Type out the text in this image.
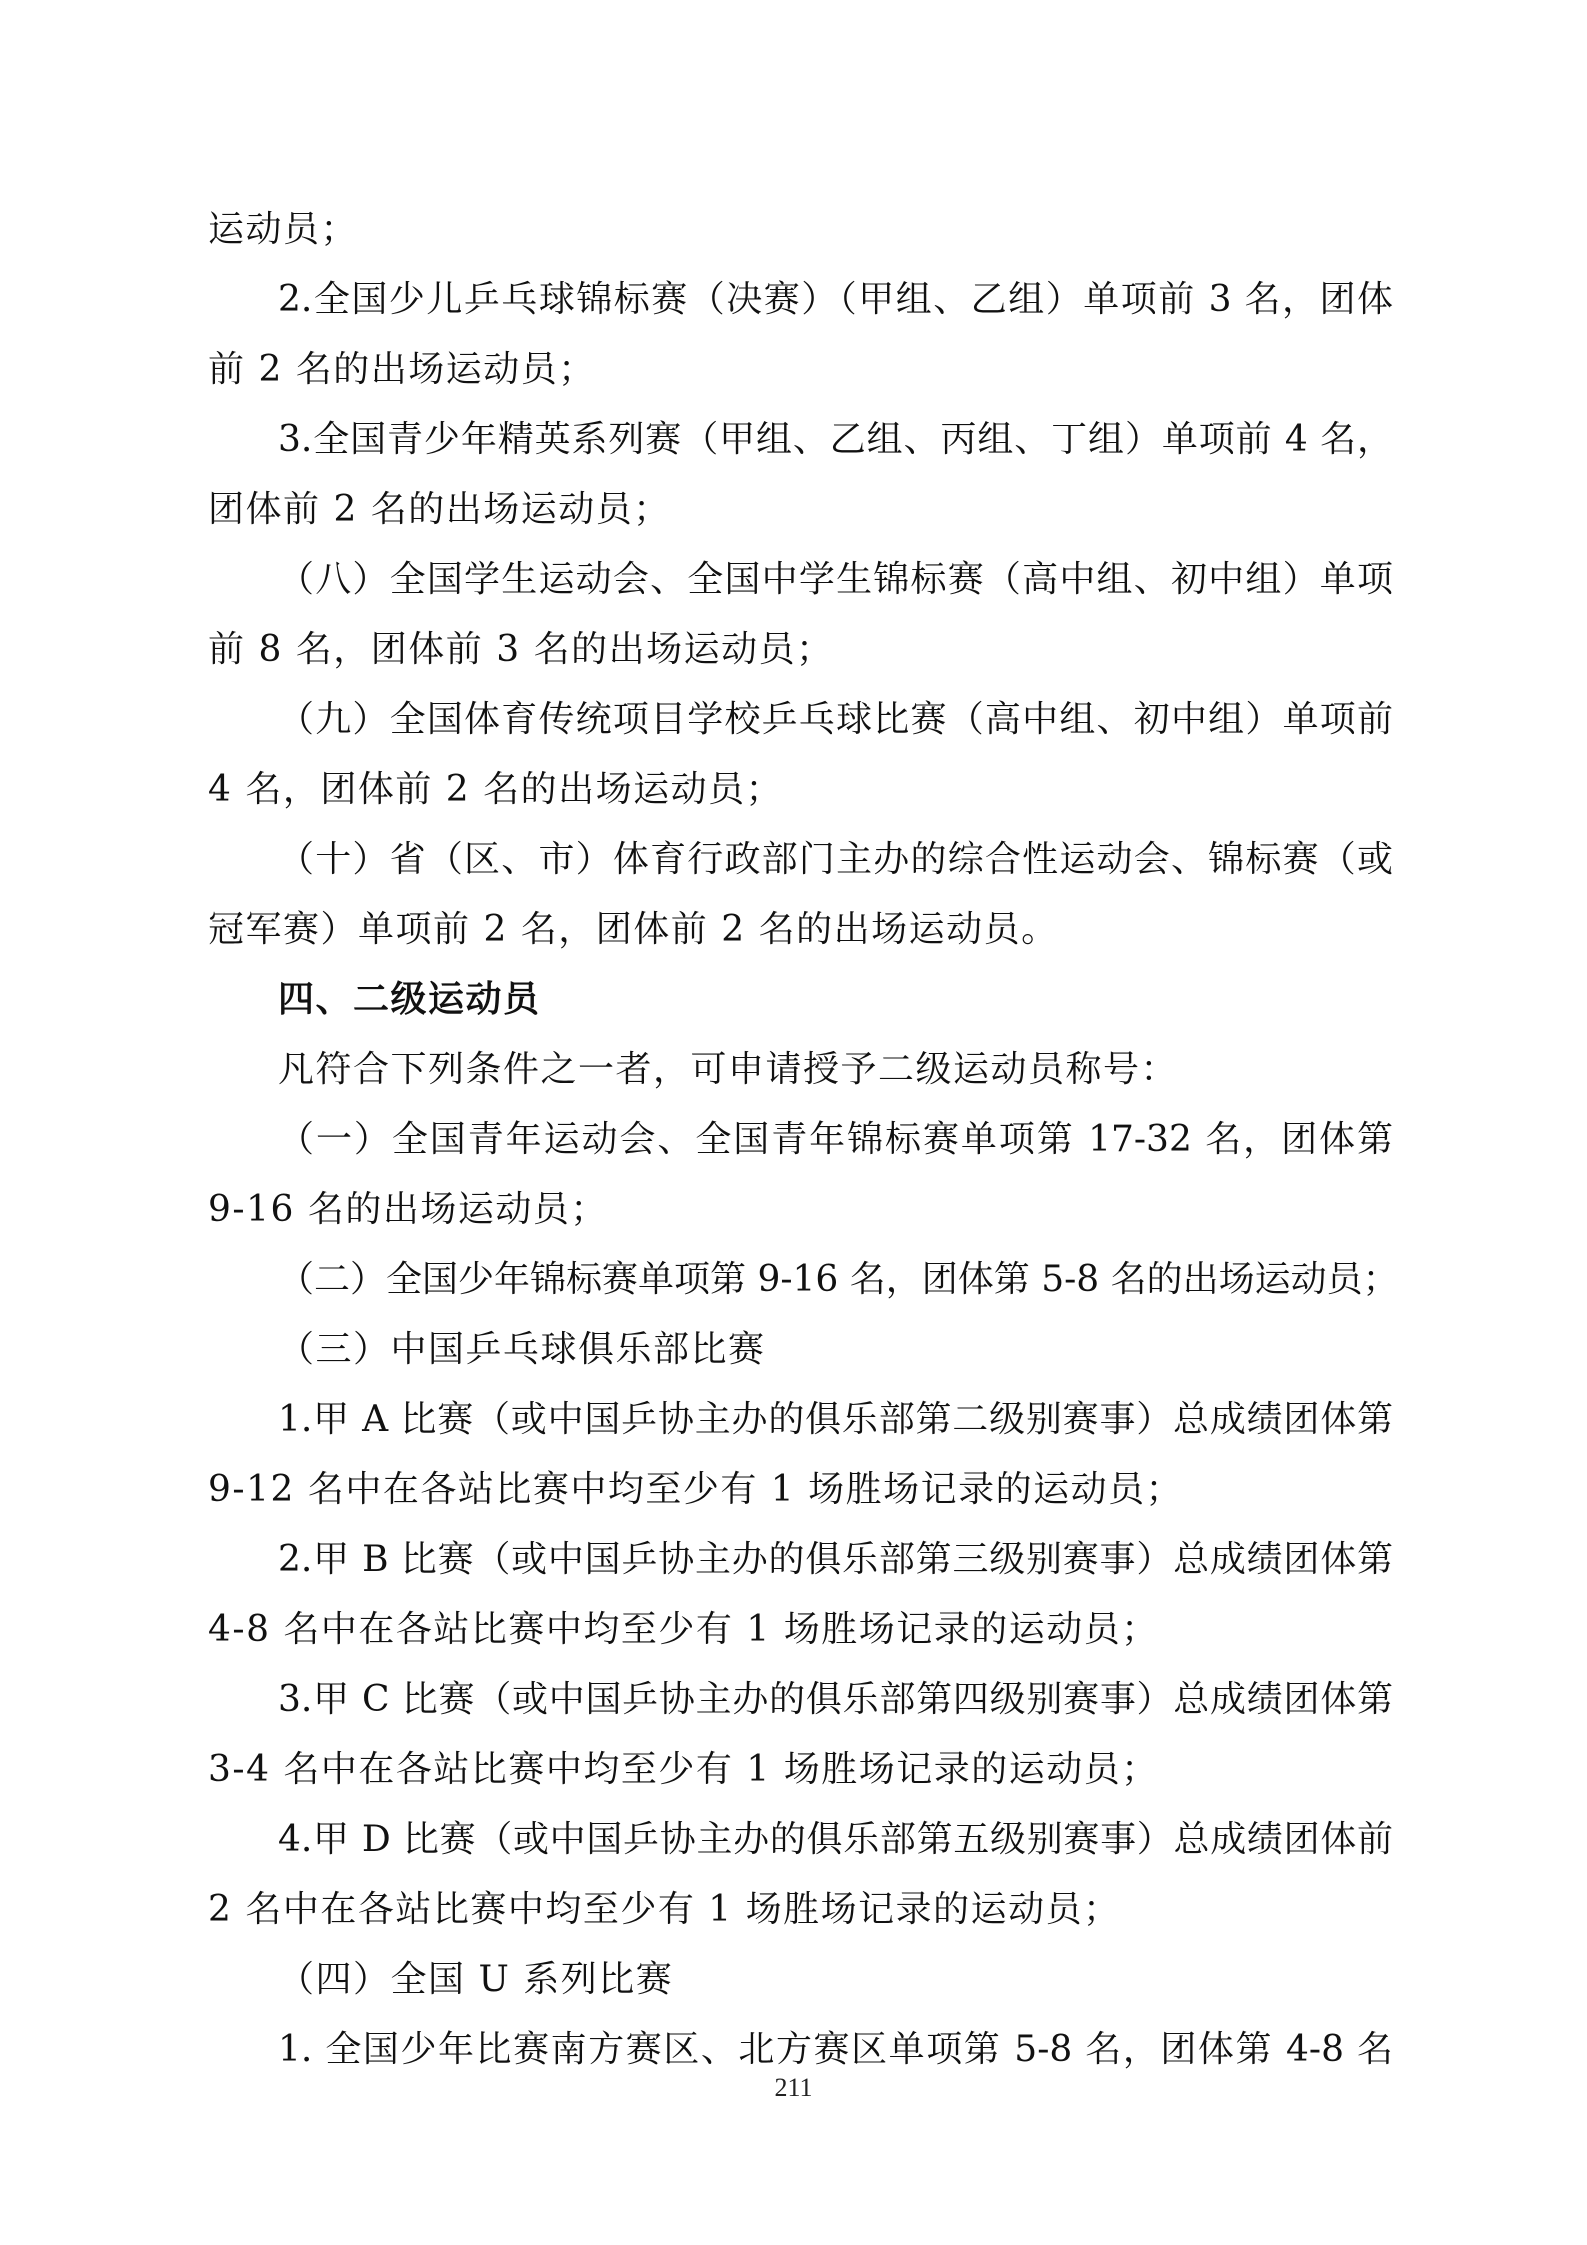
运动员；
2.全国少儿乒乓球锦标赛（决赛）（甲组、乙组）单项前 3 名，团体
前 2 名的出场运动员；
3.全国青少年精英系列赛（甲组、乙组、丙组、丁组）单项前 4 名，
团体前 2 名的出场运动员；
（八）全国学生运动会、全国中学生锦标赛（高中组、初中组）单项
前 8 名，团体前 3 名的出场运动员；
（九）全国体育传统项目学校乒乓球比赛（高中组、初中组）单项前
4 名，团体前 2 名的出场运动员；
（十）省（区、市）体育行政部门主办的综合性运动会、锦标赛（或
冠军赛）单项前 2 名，团体前 2 名的出场运动员。
四、二级运动员
凡符合下列条件之一者，可申请授予二级运动员称号：
（一）全国青年运动会、全国青年锦标赛单项第 17-32 名，团体第
9-16 名的出场运动员；
（二）全国少年锦标赛单项第 9-16 名，团体第 5-8 名的出场运动员；
（三）中国乒乓球俱乐部比赛
1.甲 A 比赛（或中国乒协主办的俱乐部第二级别赛事）总成绩团体第
9-12 名中在各站比赛中均至少有 1 场胜场记录的运动员；
2.甲 B 比赛（或中国乒协主办的俱乐部第三级别赛事）总成绩团体第
4-8 名中在各站比赛中均至少有 1 场胜场记录的运动员；
3.甲 C 比赛（或中国乒协主办的俱乐部第四级别赛事）总成绩团体第
3-4 名中在各站比赛中均至少有 1 场胜场记录的运动员；
4.甲 D 比赛（或中国乒协主办的俱乐部第五级别赛事）总成绩团体前
2 名中在各站比赛中均至少有 1 场胜场记录的运动员；
（四）全国 U 系列比赛
1. 全国少年比赛南方赛区、北方赛区单项第 5-8 名，团体第 4-8 名
211
